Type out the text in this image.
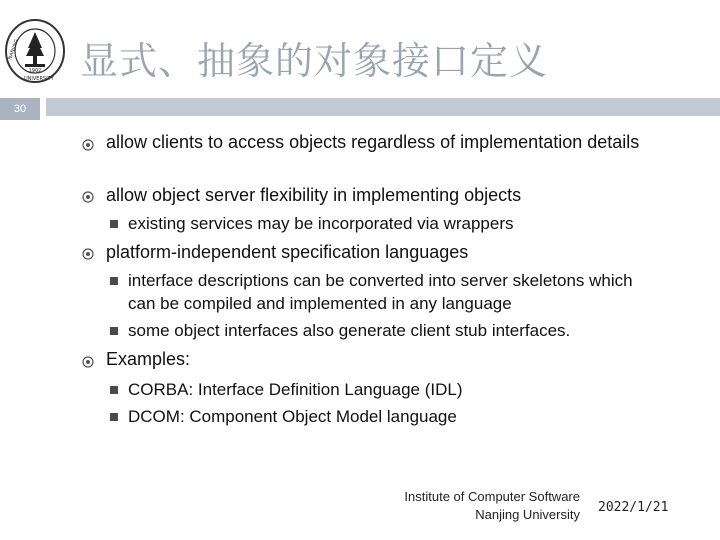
1902
NANJING
UNIVERSITY 显式、抽象的对象接口定义
30
allow clients to access objects regardless of implementation details
allow object server flexibility in implementing objects
existing services may be incorporated via wrappers
platform-independent specification languages
interface descriptions can be converted into server skeletons which can be compiled and implemented in any language
some object interfaces also generate client stub interfaces.
Examples:
CORBA: Interface Definition Language (IDL)
DCOM: Component Object Model language
Institute of Computer Software
Nanjing University 2022/1/21
